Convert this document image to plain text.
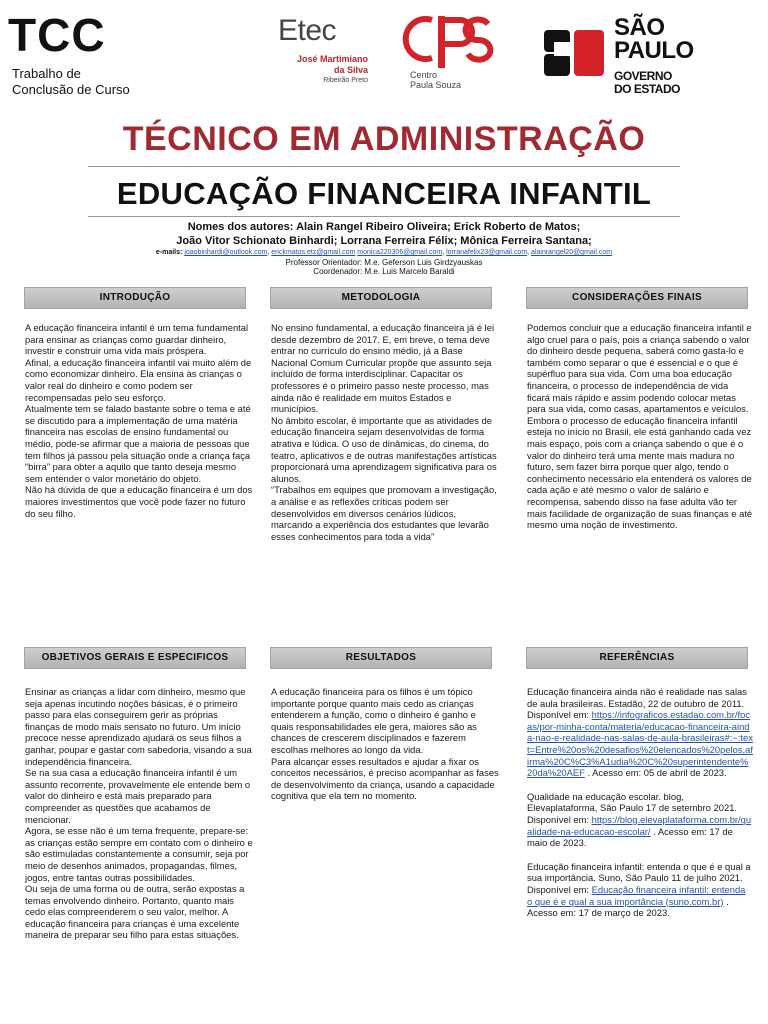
TCC
Trabalho de
Conclusão de Curso
Etec
José Martimiano
da Silva
Ribeirão Preto
Centro
Paula Souza
SÃO
PAULO
GOVERNO
DO ESTADO
TÉCNICO EM ADMINISTRAÇÃO
EDUCAÇÃO FINANCEIRA INFANTIL
Nomes dos autores: Alain Rangel Ribeiro Oliveira; Erick Roberto de Matos;
João Vitor Schionato Binhardi; Lorrana Ferreira Félix; Mônica Ferreira Santana;
e-mails: joaobinhardi@outlook.com, erickmatos.etz@gmail.com monica220306@gmail.com, lorranafelix23@gmail.com, alainrangel20@gmail.com
Professor Orientador: M.e. Geferson Luis Girdzyauskas
Coordenador: M.e. Luis Marcelo Baraldi
INTRODUÇÃO	METODOLOGIA	CONSIDERAÇÕES FINAIS

A educação financeira infantil é um tema fundamental para ensinar as crianças como guardar dinheiro, investir e construir uma vida mais próspera.

Afinal, a educação financeira infantil vai muito além de como economizar dinheiro. Ela ensina às crianças o valor real do dinheiro e como podem ser recompensadas pelo seu esforço.

Atualmente tem se falado bastante sobre o tema e até se discutido para a implementação de uma matéria financeira nas escolas de ensino fundamental ou médio, pode-se afirmar que a maioria de pessoas que tem filhos já passou pela situação onde a criança faça “birra” para obter a aquilo que tanto deseja mesmo sem entender o valor monetário do objeto.

Não há dúvida de que a educação financeira é um dos maiores investimentos que você pode fazer no futuro do seu filho.

No ensino fundamental, a educação financeira já é lei desde dezembro de 2017. E, em breve, o tema deve entrar no currículo do ensino médio, já a Base Nacional Comum Curricular propõe que assunto seja incluído de forma interdisciplinar. Capacitar os professores é o primeiro passo neste processo, mas ainda não é realidade em muitos Estados e municípios.

No âmbito escolar, é importante que as atividades de educação financeira sejam desenvolvidas de forma atrativa e lúdica. O uso de dinâmicas, do cinema, do teatro, aplicativos e de outras manifestações artísticas proporcionará uma aprendizagem significativa para os alunos.

“Trabalhos em equipes que promovam a investigação, a análise e as reflexões críticas podem ser desenvolvidos em diversos cenários lúdicos, marcando a experiência dos estudantes que levarão esses conhecimentos para toda a vida”

Podemos concluir que a educação financeira infantil e algo cruel para o país, pois a criança sabendo o valor do dinheiro desde pequena, saberá como gasta-lo e também como separar o que é essencial e o que é supérfluo para sua vida. Com uma boa educação financeira, o processo de independência de vida ficará mais rápido e assim podendo colocar metas para sua vida, como casas, apartamentos e veículos.

Embora o processo de educação financeira infantil esteja no início no Brasil, ele está ganhando cada vez mais espaço, pois com a criança sabendo o que é o valor do dinheiro terá uma mente mais madura no futuro, sem fazer birra porque quer algo, tendo o conhecimento necessário ela entenderá os valores de cada ação e até mesmo o valor de salário e recompensa, sabendo disso na fase adulta vão ter mais facilidade de organização de suas finanças e até mesmo uma noção de investimento.

OBJETIVOS GERAIS E ESPECIFICOS	RESULTADOS	REFERÊNCIAS

Ensinar as crianças a lidar com dinheiro, mesmo que seja apenas incutindo noções básicas, é o primeiro passo para elas conseguirem gerir as próprias finanças de modo mais sensato no futuro. Um início precoce nesse aprendizado ajudará os seus filhos a ganhar, poupar e gastar com sabedoria, visando a sua independência financeira.

Se na sua casa a educação financeira infantil é um assunto recorrente, provavelmente ele entende bem o valor do dinheiro e está mais preparado para compreender as questões que acabamos de mencionar.

Agora, se esse não é um tema frequente, prepare-se: as crianças estão sempre em contato com o dinheiro e são estimuladas constantemente a consumir, seja por meio de desenhos animados, propagandas, filmes, jogos, entre tantas outras possibilidades.

Ou seja de uma forma ou de outra, serão expostas a temas envolvendo dinheiro. Portanto, quanto mais cedo elas compreenderem o seu valor, melhor. A educação financeira para crianças é uma excelente maneira de preparar seu filho para estas situações.

A educação financeira para os filhos é um tópico importante porque quanto mais cedo as crianças entenderem a função, como o dinheiro é ganho e quais responsabilidades ele gera, maiores são as chances de crescerem disciplinados e fazerem escolhas melhores ao longo da vida.

Para alcançar esses resultados e ajudar a fixar os conceitos necessários, é preciso acompanhar as fases de desenvolvimento da criança, usando a capacidade cognitiva que ela tem no momento.

Educação financeira ainda não é realidade nas salas de aula brasileiras. Estadão, 22 de outubro de 2011. Disponível em: https://infograficos.estadao.com.br/focas/por-minha-conta/materia/educacao-financeira-ainda-nao-e-realidade-nas-salas-de-aula-brasileiras#:~:text=Entre%20os%20desafios%20elencados%20pelos,afirma%20C%C3%A1udia%20C%20superintendente%20da%20AEF . Acesso em: 05 de abril de 2023.
Qualidade na educação escolar. blog, Elevaplataforma, São Paulo 17 de setembro 2021. Disponível em: https://blog.elevaplataforma.com.br/qualidade-na-educacao-escolar/ . Acesso em: 17 de maio de 2023.
Educação financeira infantil: entenda o que é e qual a sua importância. Suno, São Paulo 11 de julho 2021. Disponível em: Educação financeira infantil: entenda o que é e qual a sua importância (suno.com.br) . Acesso em: 17 de março de 2023.
